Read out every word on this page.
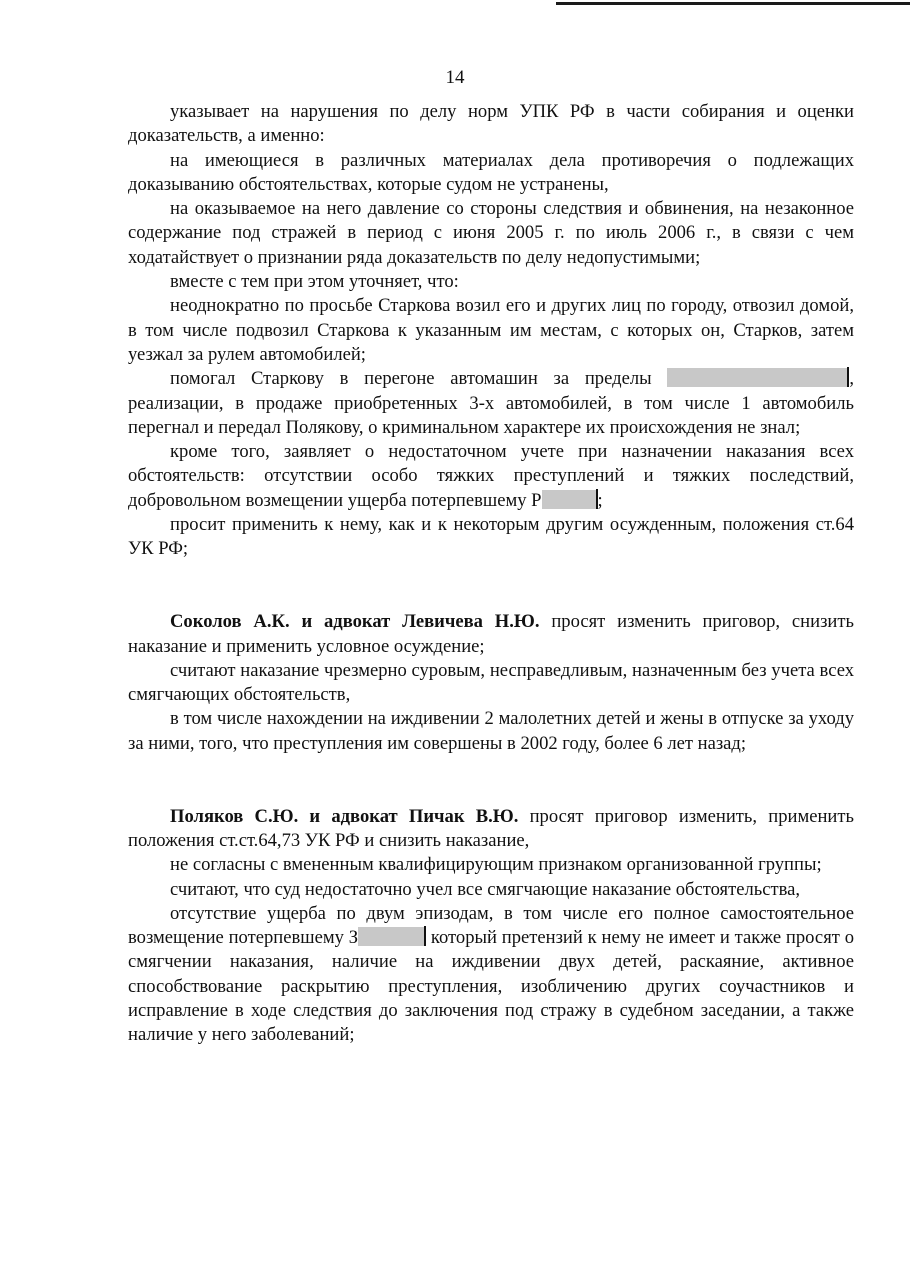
14

указывает на нарушения по делу норм УПК РФ в части собирания и оценки доказательств, а именно:

на имеющиеся в различных материалах дела противоречия о подлежащих доказыванию обстоятельствах, которые судом не устранены,

на оказываемое на него давление со стороны следствия и обвинения, на незаконное содержание под стражей в период с июня 2005 г. по июль 2006 г., в связи с чем ходатайствует о признании ряда доказательств по делу недопустимыми;

вместе с тем при этом уточняет, что:

неоднократно по просьбе Старкова возил его и других лиц по городу, отвозил домой, в том числе подвозил Старкова к указанным им местам, с которых он, Старков, затем уезжал за рулем автомобилей;

помогал Старкову в перегоне автомашин за пределы	, реализации, в продаже приобретенных 3-х автомобилей, в том числе 1 автомобиль перегнал и передал Полякову, о криминальном характере их происхождения не знал;

кроме того, заявляет о недостаточном учете при назначении наказания всех обстоятельств: отсутствии особо тяжких преступлений и тяжких последствий, добровольном возмещении ущерба потерпевшему Р	;

просит применить к нему, как и к некоторым другим осужденным, положения ст.64 УК РФ;

Соколов А.К. и адвокат Левичева Н.Ю. просят изменить приговор, снизить наказание и применить условное осуждение;

считают наказание чрезмерно суровым, несправедливым, назначенным без учета всех смягчающих обстоятельств,

в том числе нахождении на иждивении 2 малолетних детей и жены в отпуске за уходу за ними, того, что преступления им совершены в 2002 году, более 6 лет назад;

Поляков С.Ю. и адвокат Пичак В.Ю. просят приговор изменить, применить положения ст.ст.64,73 УК РФ и снизить наказание,

не согласны с вмененным квалифицирующим признаком организованной группы;

считают, что суд недостаточно учел все смягчающие наказание обстоятельства,

отсутствие ущерба по двум эпизодам, в том числе его полное самостоятельное возмещение потерпевшему З	который претензий к нему не имеет и также просят о смягчении наказания, наличие на иждивении двух детей, раскаяние, активное способствование раскрытию преступления, изобличению других соучастников и исправление в ходе следствия до заключения под стражу в судебном заседании, а также наличие у него заболеваний;
